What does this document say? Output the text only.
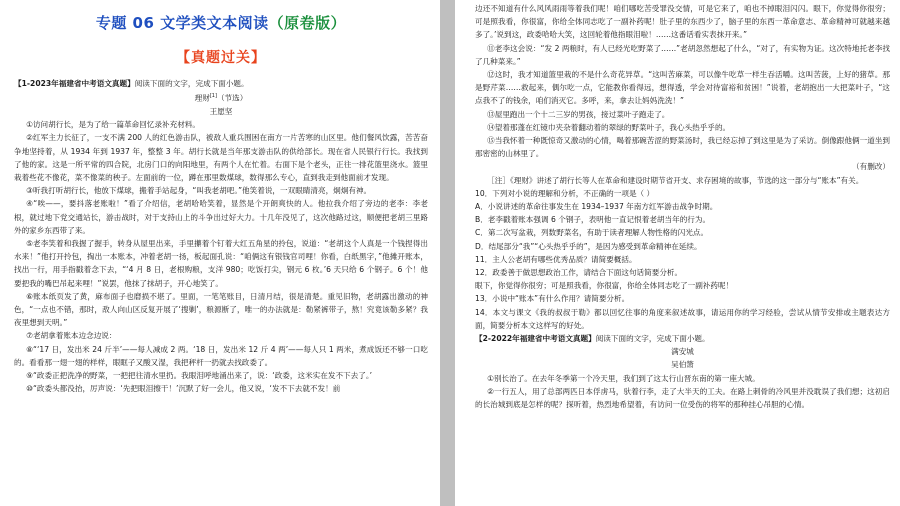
专题 06 文学类文本阅读（原卷版）
【真题过关】

【1-2023年福建省中考语文真题】阅读下面的文字，完成下面小题。

理财[1]（节选）

王愿坚

①访问胡行长，是为了给一篇革命回忆录补充材料。

②红军主力长征了，一支不满 200 人的红色游击队，被敌人重兵围困在南方一片苦寒的山区里。他们餐风饮露，苦苦奋争地坚持着，从 1934 年到 1937 年，整整 3 年。胡行长就是当年那支游击队的供给部长。现在省人民银行行长。我找到了他的家。这是一所平常的四合院，北房门口的向阳地里，有两个人在忙着。右面下是个老头，正往一排花篮里浇水。篮里栽着些花不像花，菜不像菜的秧子。左面前的一位，蹲在那里数煤球，数得那么专心，直到我走到他面前才发现。

③听我打听胡行长，他放下煤球，搬着手站起身，“叫我老胡吧。”他笑着说，一双眼睛清亮，炯炯有神。

④“唉——，要抖落老账啦！”看了介绍信，老胡哈哈笑着，显然是个开朗爽快的人。他拉我介绍了旁边的老李：李老根，就过地下党交通站长，游击战时，对于支持山上的斗争出过好大力。十几年没见了，这次他路过这，顺便把老胡三里路外的家乡东西带了来。

⑤老李笑着和我握了握手，转身从屋里出来，手里攥着个钉着大红五角星的拎包，说道：“老胡这个人真是一个钱捏得出水来！”他打开拎包，掏出一本账本，冲着老胡一扬，板起面孔说：“咱俩这有银钱官司哩！你看，白纸黑字，”他摊开账本，找出一行，用手指戳着念下去，“‘4 月 8 日，老根购粮，支洋 980；吃饭打尖，钢元 6 枚。’6 天只给 6 个钢子。6 个！他要把我的嘴巴吊起来哩！”说罢，他抹了抹胡子，开心地笑了。

⑥账本纸页发了黄，麻布面子也磨损不堪了。里面，一笔笔账目，日清月结，很是清楚。重见旧物，老胡露出激动的神色，“一点也不错，那时，敌人向山区反复开展了‘搜剿’，粮源断了，唯一的办法就是：勒紧裤带子，熬！究竟该勒多紧？我夜里想到天明。”

⑦老胡拿着账本边念边说：

⑧“‘17 日，发出米 24 斤半’——每人减成 2 两。‘18 日，发出米 12 斤 4 两’——每人只 1 两米，煮成饭还不够一口吃的。看看那一翅一翅的样样，眼眶子又酸又湿，我把秤杆一扔就去找政委了。

⑨“政委正把洗净的野菜，一把把往清水里扔。我眼泪呼地涌出来了，说：‘政委，这米实在发不下去了。’

⑩“政委头都没抬，厉声说：‘先把眼泪擦干！’沉默了好一会儿，他又说，‘发不下去就不发！前

边还不知道有什么风风雨雨等着我们呢！咱们哪吃苦受罪没交情，可是它来了，咱也不掉眼泪闪闪。眼下，你觉得你很穷；可是照我看，你很富，你给全体同志吃了一副补药呢！肚子里的东西少了，脑子里的东西一革命意志、革命精神可就越来越多了。’说到这，政委哈哈大笑，这回轮着他指眼泪啦！……这番话看实表抹开来。”

⑪老李这会说：“发 2 两粮时，有人已经光吃野菜了……”老胡忽然想起了什么，“对了，有实物为证。这次特地托老李找了几种菜来。”

⑫这时，我才知道篮里栽的不是什么奇花异草。“这叫苦麻菜，可以像牛吃草一样生吞活嚼。这叫苦菠，上好的猪草。那是野芹菜……救起来，偶尔吃一点，它能教你看得远，想得透，学会对待富裕和贫困！”说着，老胡抱出一大把菜叶子，“这点我不了的钱余，咱们消灭它。多呼，来，拿去让妈妈洗洗！”

⑬屋里跑出一个十二三岁的男孩，接过菜叶子跑走了。

⑭望着那蓬在红镜巾夹杂着翻动着的翠绿的野菜叶子，我心头热乎乎的。

⑮当我怀着一种既惊奇又激动的心情，喝着那碗苦涩的野菜汤时，我已经忘掉了到这里是为了采访。倒像跟他俩一道坐到那密密的山林里了。

（有删改）

［注］《理财》讲述了胡行长等人在革命和建设时期节省开支、求存困境的故事，节选的这一部分与“账本”有关。

10．下列对小说的理解和分析，不正确的一项是（ ）

A．小说讲述的革命往事发生在 1934–1937 年南方红军游击战争时期。

B．老李戳着账本强调 6 个钢子，表明他一直记恨着老胡当年的行为。

C．第二次写盆栽，列数野菜名，有助于读者理解人物性格的闪光点。

D．结尾部分“我”“心头热乎乎的”，是因为感受到革命精神在延续。

11．主人公老胡有哪些优秀品质？请简要概括。

12．政委善于做思想政治工作，请结合下面这句话简要分析。

眼下，你觉得你很穷；可是照我看，你很富，你给全体同志吃了一副补药呢！

13．小说中“账本”有什么作用？请简要分析。

14．本文与课文《我的叔叔于勒》都以回忆往事的角度来叙述故事，请运用你的学习经验，尝试从情节安排或主题表达方面，简要分析本文这样写的好处。

【2-2022年福建省中考语文真题】阅读下面的文字，完成下面小题。

满安城

吴伯箫

①别长治了。在去年冬季第一个冷天里，我们到了这太行山晋东南的第一座大城。

②一行五人，用了总部两匹日本俘虏马，驮着行李，走了大半天的工夫。在路上刺骨的冷风里并没耽误了我们想；这初启的长治城到底是怎样的呢？探听着，热烈地希望着，有访问一位受伤的将军的那种挂心吊胆的心情。
